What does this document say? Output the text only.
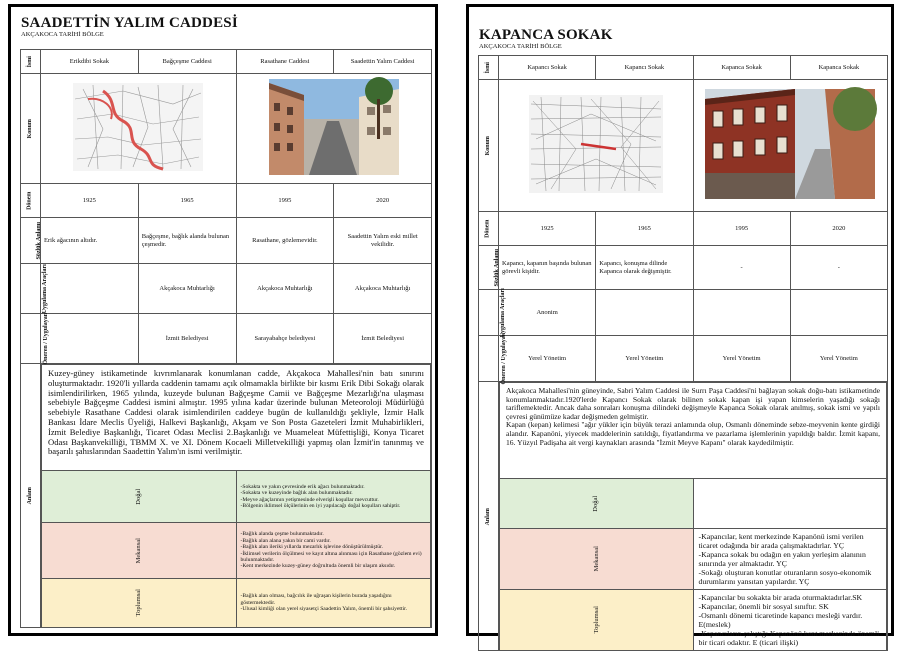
SAADETTİN YALIM CADDESİ
AKÇAKOCA TARİHİ BÖLGE
İsmi	Erikdibi Sokak	Bağçeşme Caddesi	Rasathane Caddesi	Saadettin Yalım Caddesi
Konum		
Dönem	1925	1965	1995	2020
Sözlük Anlamı	Erik ağacının altıdır.	Bağçeşme, bağlık alanda bulunan çeşmedir.	Rasathane, gözlemevidir.	Saadettin Yalım eski millet vekilidir.
Uygulama Araçları		Akçakoca Muhtarlığı	Akçakoca Muhtarlığı	Akçakoca Muhtarlığı
Öneren / Uygulayan		İzmit Belediyesi	Sarayabahçe belediyesi	İzmit Belediyesi
Anlam	
Kuzey-güney istikametinde kıvrımlanarak konumlanan cadde, Akçakoca Mahallesi'nin batı sınırını oluşturmaktadır. 1920'li yıllarda caddenin tamamı açık olmamakla birlikte bir kısmı Erik Dibi Sokağı olarak isimlendirilirken, 1965 yılında, kuzeyde bulunan Bağçeşme Camii ve Bağçeşme Mezarlığı'na ulaşması sebebiyle Bağçeşme Caddesi ismini almıştır. 1995 yılına kadar üzerinde bulunan Meteoroloji Müdürlüğü sebebiyle Rasathane Caddesi olarak isimlendirilen caddeye bugün de kullanıldığı şekliyle, İzmir Halk Bankası İdare Meclis Üyeliği, Halkevi Başkanlığı, Akşam ve Son Posta Gazeteleri İzmit Muhabirlikleri, İzmit Belediye Başkanlığı, Ticaret Odası Meclisi 2.Başkanlığı ve Muameleat Müfettişliği, Konya Ticaret Odası Başkanvekilliği, TBMM X. ve XI. Dönem Kocaeli Milletvekilliği yapmış olan İzmit'in tanınmış ve başarılı şahıslarından Saadettin Yalım'ın ismi verilmiştir.
Doğal	-Sokakta ve yakın çevresinde erik ağacı bulunmaktadır.
-Sokakta ve kuzeyinde bağlık alan bulunmaktadır.
-Meyve ağaçlarının yetişmesinde elverişli koşullar mevcuttur.
-Bölgenin iklimsel ölçülerinin en iyi yapılacağı doğal koşulları sahiptir.
Mekansal	-Bağlık alanda çeşme bulunmaktadır.
-Bağlık alan alana yakın bir cami vardır.
-Bağlık alan ileriki yıllarda mezarlık işlevine dönüştürülmüştür.
-İklimsel verilerin ölçülmesi ve kayıt altına alınması için Rasathane (gözlem evi) bulunmaktadır.
-Kent merkezinde kuzey-güney doğrultuda önemli bir ulaşım aksıdır.
Toplumsal	-Bağlık alan olması, bağcılık ile uğraşan kişilerin burada yaşadığını göstermektedir.
-Ulusal kimliği olan yerel siyasetçi Saadettin Yalım, önemli bir şahsiyettir.
KAPANCA SOKAK
AKÇAKOCA TARİHİ BÖLGE
İsmi	Kapancı Sokak	Kapancı Sokak	Kapanca Sokak	Kapanca Sokak
Konum		
Dönem	1925	1965	1995	2020
Sözlük Anlamı	Kapancı, kapanın başında bulunan görevli kişidir.	Kapancı, konuşma dilinde Kapanca olarak değişmiştir.	-	-
Uygulama Araçları	Anonim			
Öneren / Uygulayan	Yerel Yönetim	Yerel Yönetim	Yerel Yönetim	Yerel Yönetim
Anlam	
Akçakoca Mahallesi'nin güneyinde, Sabri Yalım Caddesi ile Surrı Paşa Caddesi'ni bağlayan sokak doğu-batı istikametinde konumlanmaktadır.1920'lerde Kapancı Sokak olarak bilinen sokak kapan işi yapan kimselerin yaşadığı sokağı tariflemektedir. Ancak daha sonraları konuşma dilindeki değişmeyle Kapanca Sokak olarak anılmış, sokak ismi ve yapılı çevresi günümüze kadar değişmeden gelmiştir.
Kapan (kepan) kelimesi "ağır yükler için büyük terazi anlamında olup, Osmanlı döneminde sebze-meyvenin kente girdiği alandır. Kapanöni, yiyecek maddelerinin satıldığı, fiyatlandırma ve pazarlama işlemlerinin yapıldığı baldır. İzmit kapanı, 16. Yüzyıl Padişaha ait vergi kaynakları arasında "İzmit Meyve Kapanı" olarak kaydedilmiştir.
Doğal	
Mekansal	-Kapancılar, kent merkezinde Kapanönü ismi verilen ticaret odağında bir arada çalışmaktadırlar. YÇ
-Kapanca sokak bu odağın en yakın yerleşim alanının sınırında yer almaktadır. YÇ
-Sokağı oluşturan konutlar oturanların sosyo-ekonomik durumlarını yansıtan yapılardır. YÇ
Toplumsal	-Kapancılar bu sokakta bir arada oturmaktadırlar.SK
-Kapancılar, önemli bir sosyal sınıftır. SK
-Osmanlı dönemi ticaretinde kapancı mesleği vardır. E(meslek)
-Kapancıların çalıştığı Kapanönü kent merkezinde önemli bir ticari odaktır. E (ticari ilişki)
